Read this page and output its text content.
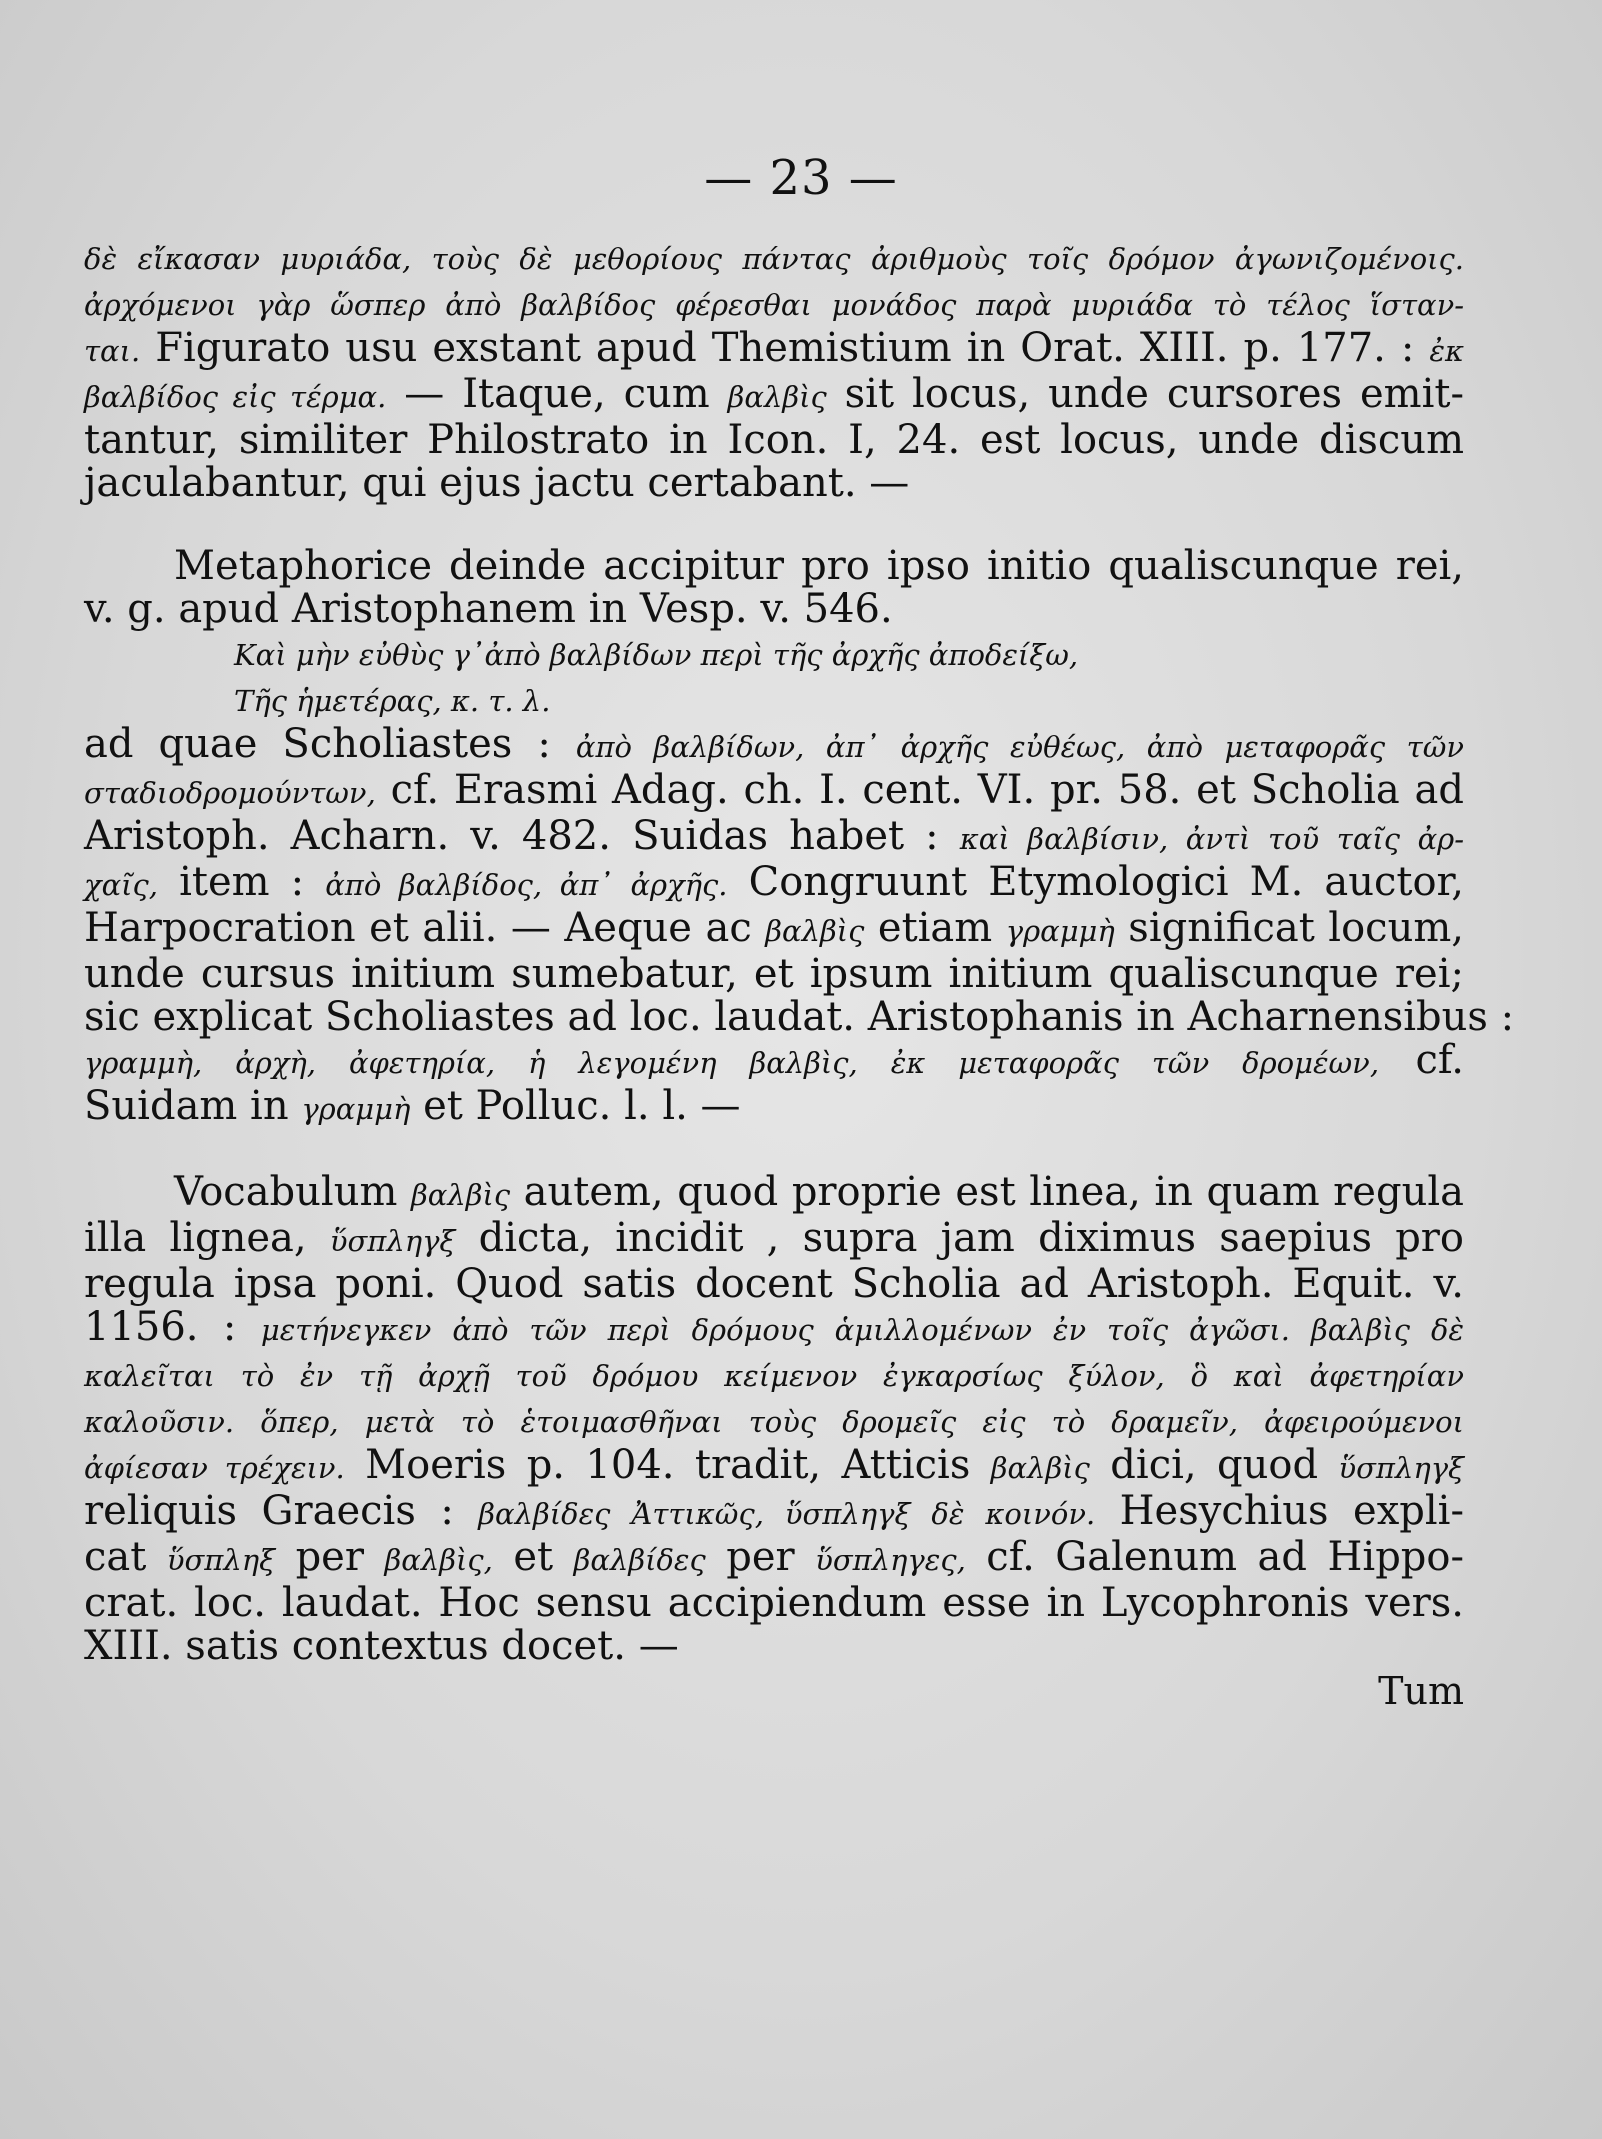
— 23 —
δὲ εἴκασαν μυριάδα, τοὺς δὲ μεθορίους πάντας ἀριθμοὺς τοῖς δρόμον ἀγωνιζομένοις.
ἀρχόμενοι γὰρ ὥσπερ ἀπὸ βαλβίδος φέρεσθαι μονάδος παρὰ μυριάδα τὸ τέλος ἵσταν-
ται. Figurato usu exstant apud Themistium in Orat. XIII. p. 177. : ἐκ
βαλβίδος εἰς τέρμα. — Itaque, cum βαλβὶς sit locus, unde cursores emit-
tantur, similiter Philostrato in Icon. I, 24. est locus, unde discum
jaculabantur, qui ejus jactu certabant. —
Metaphorice deinde accipitur pro ipso initio qualiscunque rei,
v. g. apud Aristophanem in Vesp. v. 546.
Καὶ μὴν εὐθὺς γ᾽ἀπὸ βαλβίδων περὶ τῆς ἀρχῆς ἀποδείξω,
Τῆς ἡμετέρας, κ. τ. λ.
ad quae Scholiastes : ἀπὸ βαλβίδων, ἀπ᾽ ἀρχῆς εὐθέως, ἀπὸ μεταφορᾶς τῶν
σταδιοδρομούντων, cf. Erasmi Adag. ch. I. cent. VI. pr. 58. et Scholia ad
Aristoph. Acharn. v. 482. Suidas habet : καὶ βαλβίσιν, ἀντὶ τοῦ ταῖς ἀρ-
χαῖς, item : ἀπὸ βαλβίδος, ἀπ᾽ ἀρχῆς. Congruunt Etymologici M. auctor,
Harpocration et alii. — Aeque ac βαλβὶς etiam γραμμὴ significat locum,
unde cursus initium sumebatur, et ipsum initium qualiscunque rei;
sic explicat Scholiastes ad loc. laudat. Aristophanis in Acharnensibus :
γραμμὴ, ἀρχὴ, ἀφετηρία, ἡ λεγομένη βαλβὶς, ἐκ μεταφορᾶς τῶν δρομέων, cf.
Suidam in γραμμὴ et Polluc. l. l. —
Vocabulum βαλβὶς autem, quod proprie est linea, in quam regula
illa lignea, ὕσπληγξ dicta, incidit , supra jam diximus saepius pro
regula ipsa poni. Quod satis docent Scholia ad Aristoph. Equit. v.
1156. : μετήνεγκεν ἀπὸ τῶν περὶ δρόμους ἁμιλλομένων ἐν τοῖς ἀγῶσι. βαλβὶς δὲ
καλεῖται τὸ ἐν τῇ ἀρχῇ τοῦ δρόμου κείμενον ἐγκαρσίως ξύλον, ὃ καὶ ἀφετηρίαν
καλοῦσιν. ὅπερ, μετὰ τὸ ἑτοιμασθῆναι τοὺς δρομεῖς εἰς τὸ δραμεῖν, ἀφειρούμενοι
ἀφίεσαν τρέχειν. Moeris p. 104. tradit, Atticis βαλβὶς dici, quod ὕσπληγξ
reliquis Graecis : βαλβίδες Ἀττικῶς, ὕσπληγξ δὲ κοινόν. Hesychius expli-
cat ὕσπληξ per βαλβὶς, et βαλβίδες per ὕσπληγες, cf. Galenum ad Hippo-
crat. loc. laudat. Hoc sensu accipiendum esse in Lycophronis vers.
XIII. satis contextus docet. —
Tum
